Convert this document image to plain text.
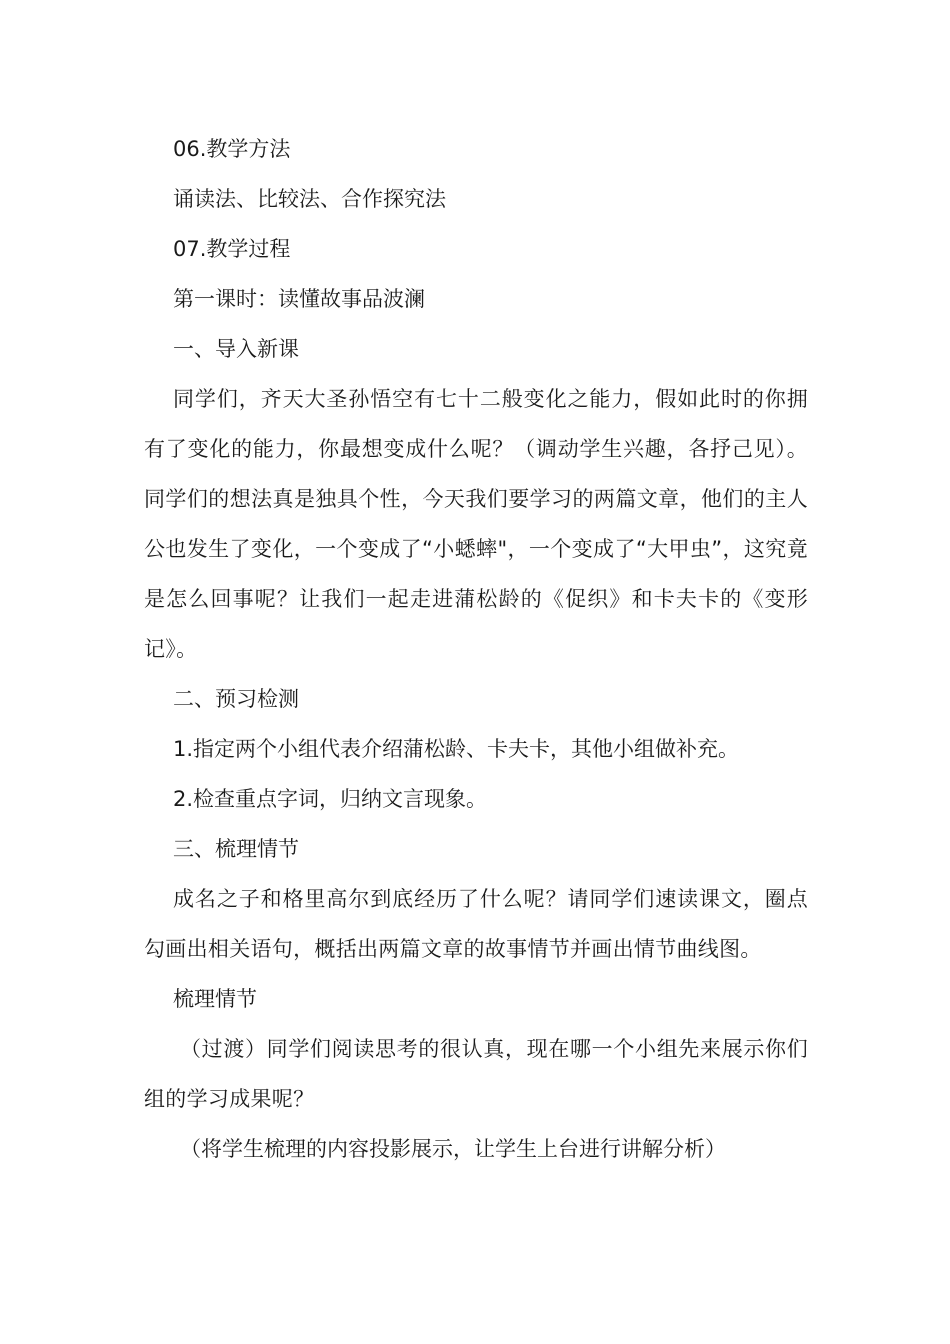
06.教学方法

诵读法、比较法、合作探究法

07.教学过程

第一课时：读懂故事品波澜

一、导入新课

同学们，齐天大圣孙悟空有七十二般变化之能力，假如此时的你拥有了变化的能力，你最想变成什么呢？（调动学生兴趣，各抒己见）。同学们的想法真是独具个性，今天我们要学习的两篇文章，他们的主人公也发生了变化，一个变成了“小蟋蟀"，一个变成了“大甲虫”，这究竟是怎么回事呢？让我们一起走进蒲松龄的《促织》和卡夫卡的《变形记》。

二、预习检测

1.指定两个小组代表介绍蒲松龄、卡夫卡，其他小组做补充。

2.检查重点字词，归纳文言现象。

三、梳理情节

成名之子和格里高尔到底经历了什么呢？请同学们速读课文，圈点勾画出相关语句，概括出两篇文章的故事情节并画出情节曲线图。

梳理情节

（过渡）同学们阅读思考的很认真，现在哪一个小组先来展示你们组的学习成果呢？

（将学生梳理的内容投影展示，让学生上台进行讲解分析）
